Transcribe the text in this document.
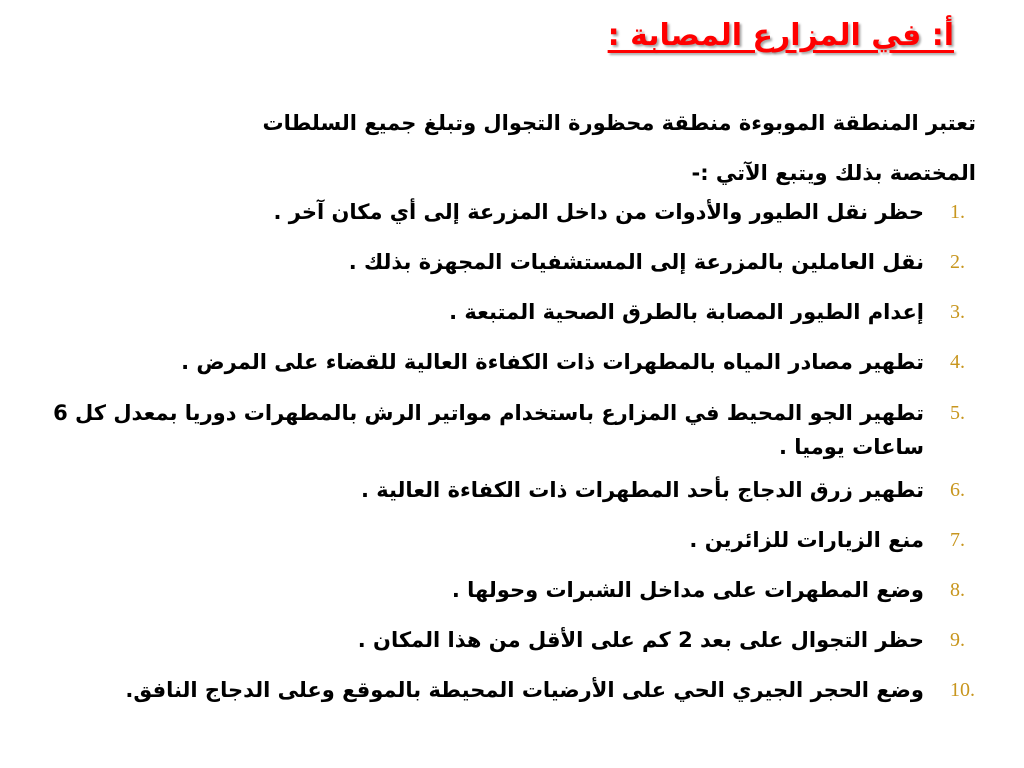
أ: في المزارع المصابة :
تعتبر المنطقة الموبوءة منطقة محظورة التجوال وتبلغ جميع السلطات
المختصة بذلك ويتبع الآتي :-
1.
حظر نقل الطيور والأدوات من داخل المزرعة إلى أي مكان آخر .
2.
نقل العاملين بالمزرعة إلى المستشفيات المجهزة بذلك .
3.
إعدام الطيور المصابة بالطرق الصحية المتبعة .
4.
تطهير مصادر المياه بالمطهرات ذات الكفاءة العالية للقضاء على المرض .
5.
تطهير الجو المحيط في المزارع باستخدام مواتير الرش بالمطهرات دوريا بمعدل كل 6 ساعات يوميا .
6.
تطهير زرق الدجاج بأحد المطهرات ذات الكفاءة العالية .
7.
منع الزيارات للزائرين .
8.
وضع المطهرات على مداخل الشبرات وحولها .
9.
حظر التجوال على بعد 2 كم على الأقل من هذا المكان .
10.
وضع الحجر الجيري الحي على الأرضيات المحيطة بالموقع وعلى الدجاج النافق.
